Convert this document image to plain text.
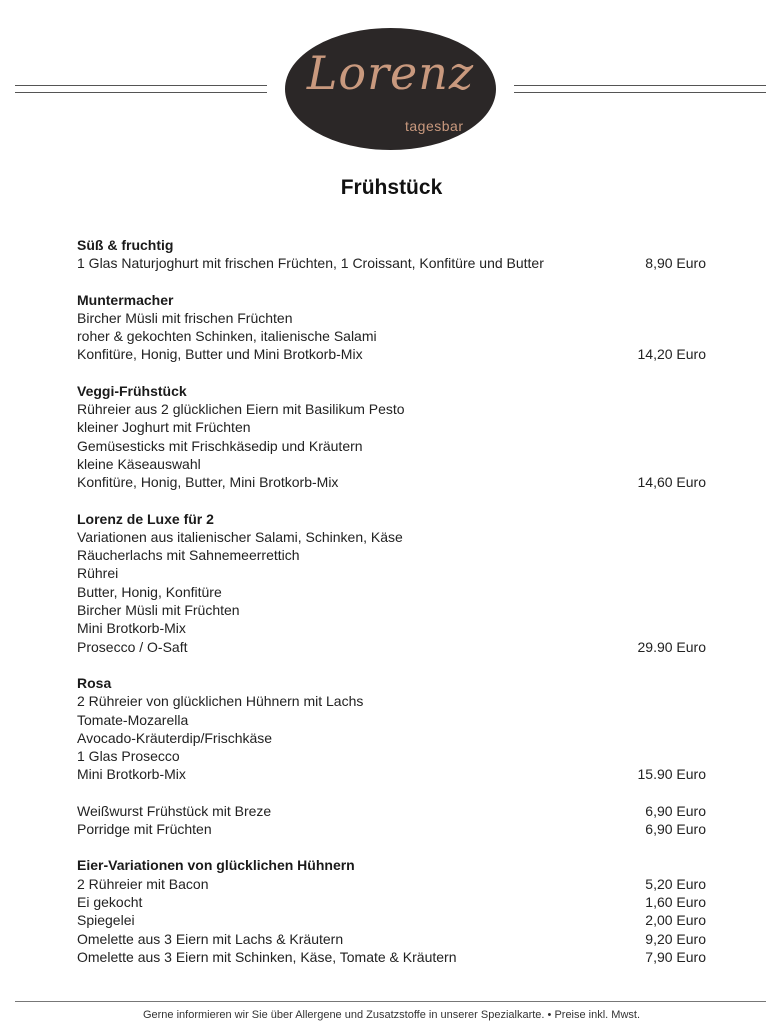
Lorenz
tagesbar
Frühstück
Süß & fruchtig
1 Glas Naturjoghurt mit frischen Früchten, 1 Croissant, Konfitüre und Butter	8,90 Euro
Muntermacher
Bircher Müsli mit frischen Früchten
roher & gekochten Schinken, italienische Salami
Konfitüre, Honig, Butter und Mini Brotkorb-Mix	14,20 Euro
Veggi-Frühstück
Rühreier aus 2 glücklichen Eiern mit Basilikum Pesto
kleiner Joghurt mit Früchten
Gemüsesticks mit Frischkäsedip und Kräutern
kleine Käseauswahl
Konfitüre, Honig, Butter, Mini Brotkorb-Mix	14,60 Euro
Lorenz de Luxe für 2
Variationen aus italienischer Salami, Schinken, Käse
Räucherlachs mit Sahnemeerrettich
Rührei
Butter, Honig, Konfitüre
Bircher Müsli mit Früchten
Mini Brotkorb-Mix
Prosecco / O-Saft	29.90 Euro
Rosa
2 Rühreier von glücklichen Hühnern mit Lachs
Tomate-Mozarella
Avocado-Kräuterdip/Frischkäse
1 Glas Prosecco
Mini Brotkorb-Mix	15.90 Euro
Weißwurst Frühstück mit Breze	6,90 Euro
Porridge mit Früchten	6,90 Euro
Eier-Variationen von glücklichen Hühnern
2 Rühreier mit Bacon	5,20 Euro
Ei gekocht	1,60 Euro
Spiegelei	2,00 Euro
Omelette aus 3 Eiern mit Lachs & Kräutern	9,20 Euro
Omelette aus 3 Eiern mit Schinken, Käse, Tomate & Kräutern	7,90 Euro
Gerne informieren wir Sie über Allergene und Zusatzstoffe in unserer Spezialkarte. • Preise inkl. Mwst.
